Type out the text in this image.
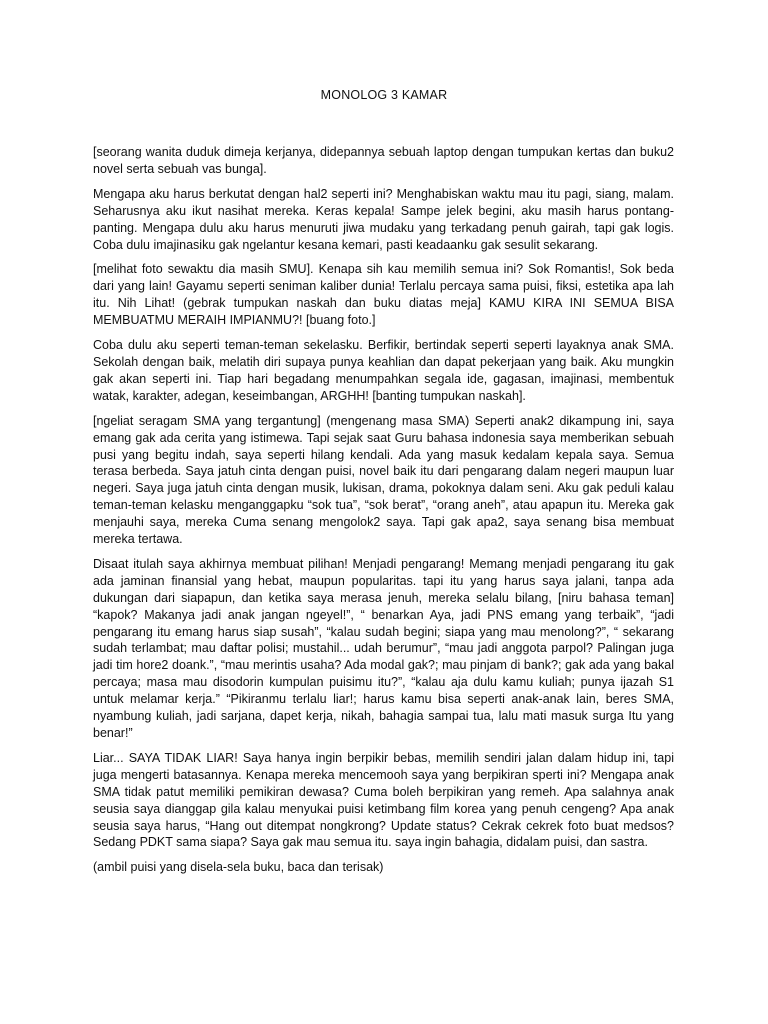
MONOLOG 3 KAMAR

[seorang wanita duduk dimeja kerjanya, didepannya sebuah laptop dengan tumpukan kertas dan buku2 novel serta sebuah vas bunga].

Mengapa aku harus berkutat dengan hal2 seperti ini? Menghabiskan waktu mau itu pagi, siang, malam. Seharusnya aku ikut nasihat mereka. Keras kepala! Sampe jelek begini, aku masih harus pontang-panting. Mengapa dulu aku harus menuruti jiwa mudaku yang terkadang penuh gairah, tapi gak logis. Coba dulu imajinasiku gak ngelantur kesana kemari, pasti keadaanku gak sesulit sekarang.

[melihat foto sewaktu dia masih SMU]. Kenapa sih kau memilih semua ini? Sok Romantis!, Sok beda dari yang lain! Gayamu seperti seniman kaliber dunia! Terlalu percaya sama puisi, fiksi, estetika apa lah itu. Nih Lihat! (gebrak tumpukan naskah dan buku diatas meja] KAMU KIRA INI SEMUA BISA MEMBUATMU MERAIH IMPIANMU?! [buang foto.]

Coba dulu aku seperti teman-teman sekelasku. Berfikir, bertindak seperti seperti layaknya anak SMA. Sekolah dengan baik, melatih diri supaya punya keahlian dan dapat pekerjaan yang baik. Aku mungkin gak akan seperti ini. Tiap hari begadang menumpahkan segala ide, gagasan, imajinasi, membentuk watak, karakter, adegan, keseimbangan, ARGHH! [banting tumpukan naskah].

[ngeliat seragam SMA yang tergantung] (mengenang masa SMA) Seperti anak2 dikampung ini, saya emang gak ada cerita yang istimewa. Tapi sejak saat Guru bahasa indonesia saya memberikan sebuah pusi yang begitu indah, saya seperti hilang kendali. Ada yang masuk kedalam kepala saya. Semua terasa berbeda. Saya jatuh cinta dengan puisi, novel baik itu dari pengarang dalam negeri maupun luar negeri. Saya juga jatuh cinta dengan musik, lukisan, drama, pokoknya dalam seni. Aku gak peduli kalau teman-teman kelasku menganggapku “sok tua”, “sok berat”, “orang aneh”, atau apapun itu. Mereka gak menjauhi saya, mereka Cuma senang mengolok2 saya. Tapi gak apa2, saya senang bisa membuat mereka tertawa.

Disaat itulah saya akhirnya membuat pilihan! Menjadi pengarang! Memang menjadi pengarang itu gak ada jaminan finansial yang hebat, maupun popularitas. tapi itu yang harus saya jalani, tanpa ada dukungan dari siapapun, dan ketika saya merasa jenuh, mereka selalu bilang, [niru bahasa teman] “kapok? Makanya jadi anak jangan ngeyel!”, “ benarkan Aya, jadi PNS emang yang terbaik”, “jadi pengarang itu emang harus siap susah”, “kalau sudah begini; siapa yang mau menolong?”, “ sekarang sudah terlambat; mau daftar polisi; mustahil... udah berumur”, “mau jadi anggota parpol? Palingan juga jadi tim hore2 doank.”, “mau merintis usaha? Ada modal gak?; mau pinjam di bank?; gak ada yang bakal percaya; masa mau disodorin kumpulan puisimu itu?”, “kalau aja dulu kamu kuliah; punya ijazah S1 untuk melamar kerja.” “Pikiranmu terlalu liar!; harus kamu bisa seperti anak-anak lain, beres SMA, nyambung kuliah, jadi sarjana, dapet kerja, nikah, bahagia sampai tua, lalu mati masuk surga Itu yang benar!”

Liar... SAYA TIDAK LIAR! Saya hanya ingin berpikir bebas, memilih sendiri jalan dalam hidup ini, tapi juga mengerti batasannya. Kenapa mereka mencemooh saya yang berpikiran sperti ini? Mengapa anak SMA tidak patut memiliki pemikiran dewasa? Cuma boleh berpikiran yang remeh. Apa salahnya anak seusia saya dianggap gila kalau menyukai puisi ketimbang film korea yang penuh cengeng? Apa anak seusia saya harus, “Hang out ditempat nongkrong? Update status? Cekrak cekrek foto buat medsos? Sedang PDKT sama siapa? Saya gak mau semua itu. saya ingin bahagia, didalam puisi, dan sastra.

(ambil puisi yang disela-sela buku, baca dan terisak)
